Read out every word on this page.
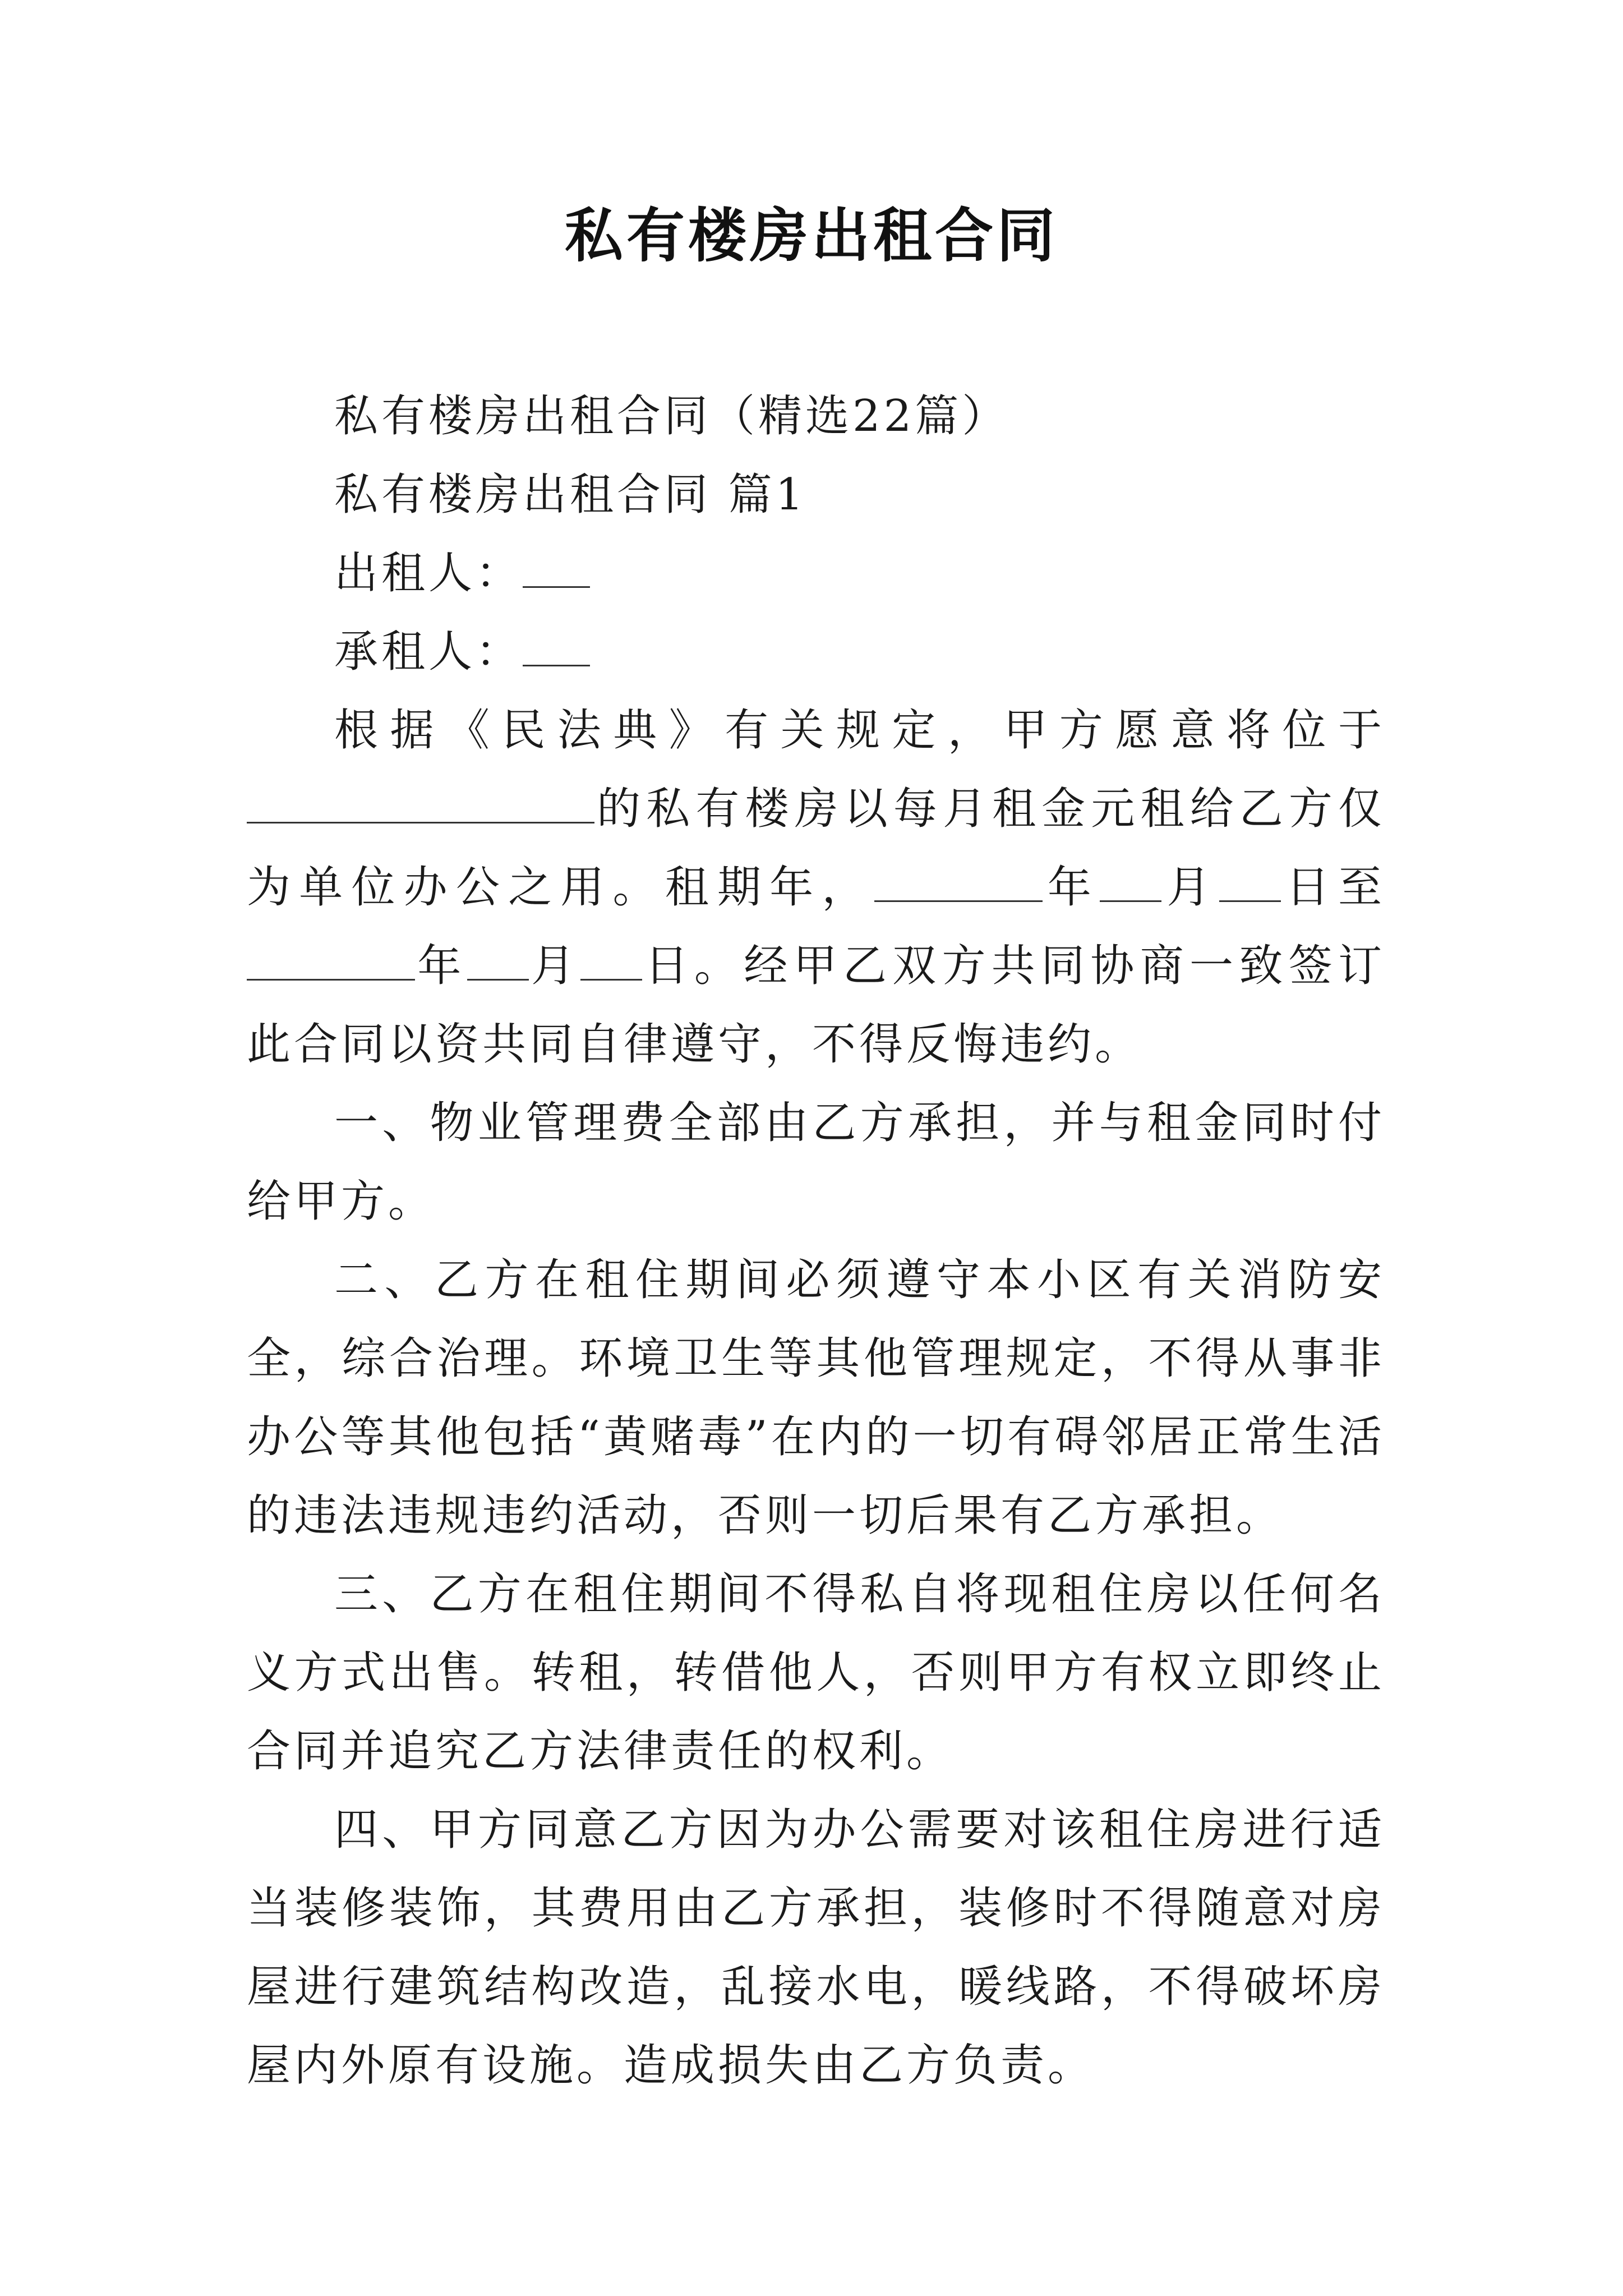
私有楼房出租合同
私有楼房出租合同（精选22篇）
私有楼房出租合同 篇1
出租人：
承租人：

根据《民法典》有关规定，甲方愿意将位于的私有楼房以每月租金元租给乙方仅为单位办公之用。租期年，	年 月 日至年 月 日。经甲乙双方共同协商一致签订此合同以资共同自律遵守，不得反悔违约。

一、物业管理费全部由乙方承担，并与租金同时付给甲方。

二、乙方在租住期间必须遵守本小区有关消防安全，综合治理。环境卫生等其他管理规定，不得从事非办公等其他包括“黄赌毒”在内的一切有碍邻居正常生活的违法违规违约活动，否则一切后果有乙方承担。

三、乙方在租住期间不得私自将现租住房以任何名义方式出售。转租，转借他人，否则甲方有权立即终止合同并追究乙方法律责任的权利。

四、甲方同意乙方因为办公需要对该租住房进行适当装修装饰，其费用由乙方承担，装修时不得随意对房屋进行建筑结构改造，乱接水电，暖线路，不得破坏房屋内外原有设施。造成损失由乙方负责。
